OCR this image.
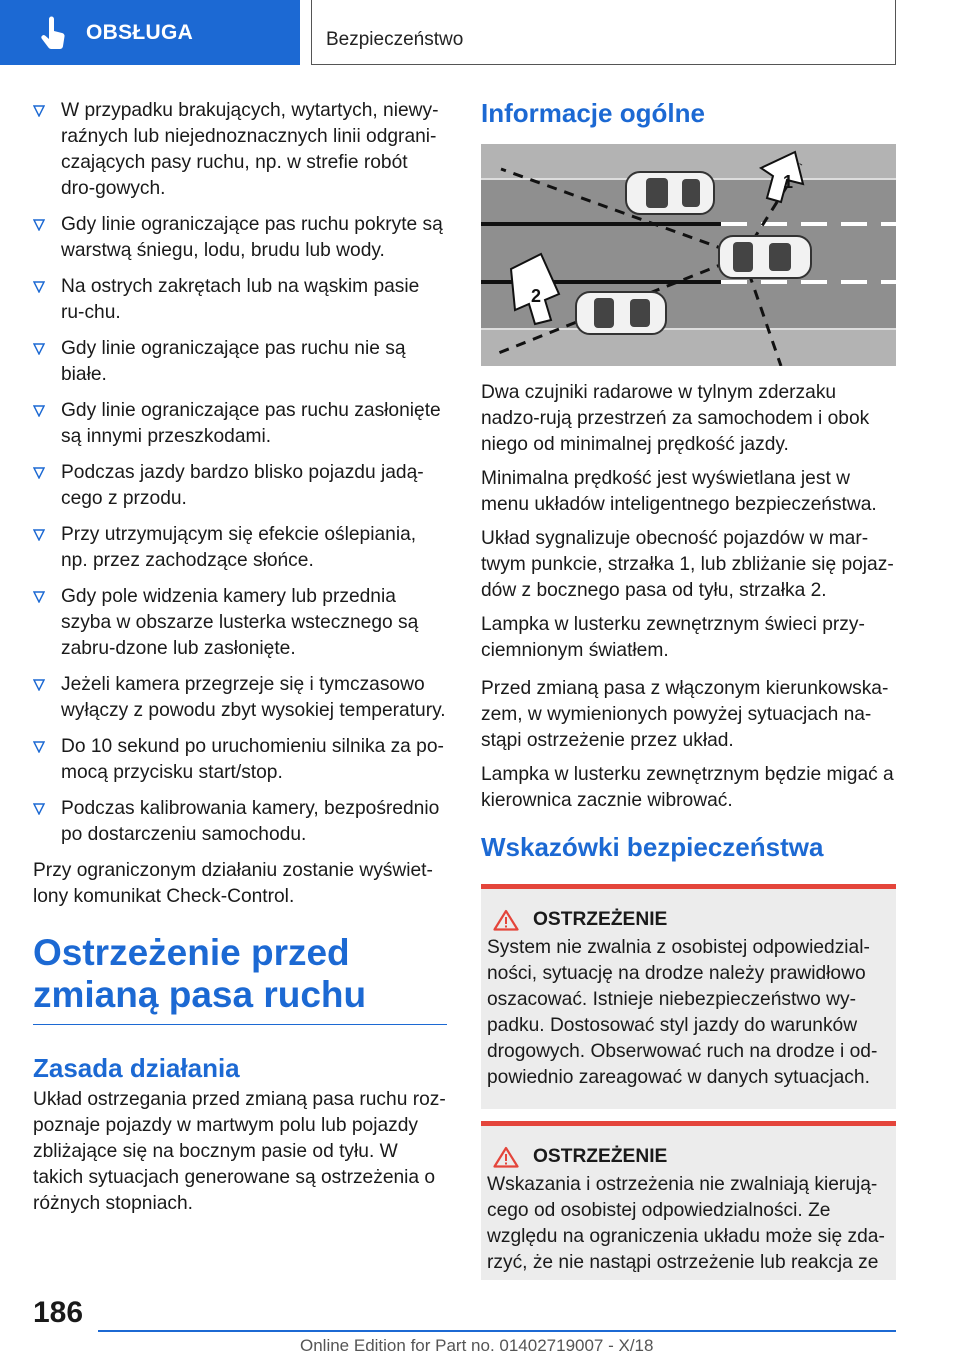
OBSŁUGA	Bezpieczeństwo
W przypadku brakujących, wytartych, niewy-raźnych lub niejednoznacznych linii odgrani-czających pasy ruchu, np. w strefie robót dro-gowych.
Gdy linie ograniczające pas ruchu pokryte są warstwą śniegu, lodu, brudu lub wody.
Na ostrych zakrętach lub na wąskim pasie ru-chu.
Gdy linie ograniczające pas ruchu nie są białe.
Gdy linie ograniczające pas ruchu zasłonięte są innymi przeszkodami.
Podczas jazdy bardzo blisko pojazdu jadą-cego z przodu.
Przy utrzymującym się efekcie oślepiania, np. przez zachodzące słońce.
Gdy pole widzenia kamery lub przednia szyba w obszarze lusterka wstecznego są zabru-dzone lub zasłonięte.
Jeżeli kamera przegrzeje się i tymczasowo wyłączy z powodu zbyt wysokiej temperatury.
Do 10 sekund po uruchomieniu silnika za po-mocą przycisku start/stop.
Podczas kalibrowania kamery, bezpośrednio po dostarczeniu samochodu.

Przy ograniczonym działaniu zostanie wyświet-lony komunikat Check-Control.

Ostrzeżenie przed zmianą pasa ruchu
Zasada działania

Układ ostrzegania przed zmianą pasa ruchu roz-poznaje pojazdy w martwym polu lub pojazdy zbliżające się na bocznym pasie od tyłu. W takich sytuacjach generowane są ostrzeżenia o różnych stopniach.

Informacje ogólne
1
2

Dwa czujniki radarowe w tylnym zderzaku nadzo-rują przestrzeń za samochodem i obok niego od minimalnej prędkość jazdy.

Minimalna prędkość jest wyświetlana jest w menu układów inteligentnego bezpieczeństwa.

Układ sygnalizuje obecność pojazdów w mar-twym punkcie, strzałka 1, lub zbliżanie się pojaz-dów z bocznego pasa od tyłu, strzałka 2.

Lampka w lusterku zewnętrznym świeci przy-ciemnionym światłem.

Przed zmianą pasa z włączonym kierunkowska-zem, w wymienionych powyżej sytuacjach na-stąpi ostrzeżenie przez układ.

Lampka w lusterku zewnętrznym będzie migać a kierownica zacznie wibrować.

Wskazówki bezpieczeństwa
OSTRZEŻENIE

System nie zwalnia z osobistej odpowiedzial-ności, sytuację na drodze należy prawidłowo oszacować. Istnieje niebezpieczeństwo wy-padku. Dostosować styl jazdy do warunków drogowych. Obserwować ruch na drodze i od-powiednio zareagować w danych sytuacjach.

OSTRZEŻENIE

Wskazania i ostrzeżenia nie zwalniają kierują-cego od osobistej odpowiedzialności. Ze względu na ograniczenia układu może się zda-rzyć, że nie nastąpi ostrzeżenie lub reakcja ze

186
Online Edition for Part no. 01402719007 - X/18
